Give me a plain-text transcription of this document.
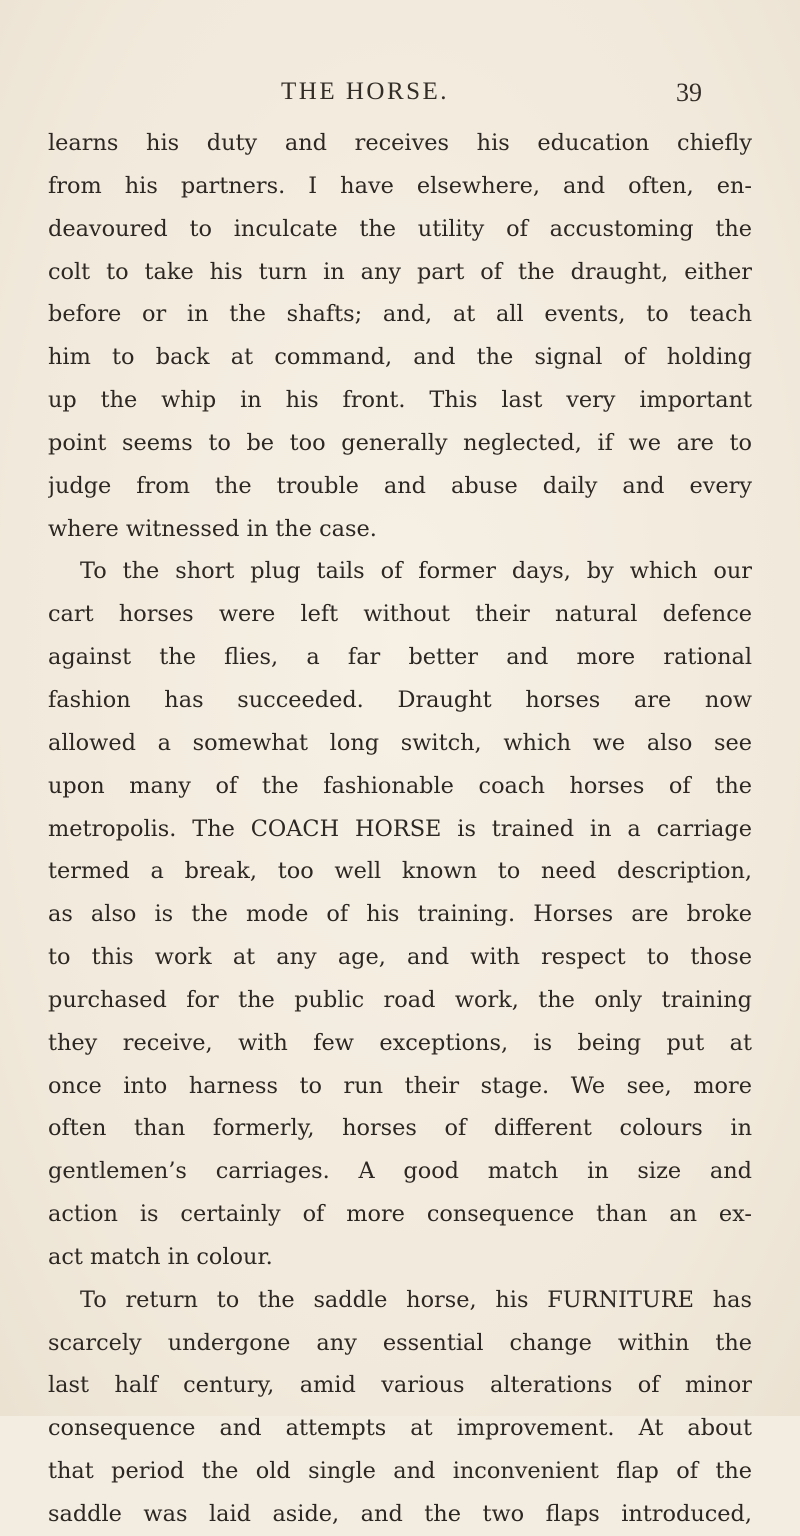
THE HORSE.	39
learns his duty and receives his education chiefly
from his partners. I have elsewhere, and often, en-
deavoured to inculcate the utility of accustoming the
colt to take his turn in any part of the draught, either
before or in the shafts; and, at all events, to teach
him to back at command, and the signal of holding
up the whip in his front. This last very important
point seems to be too generally neglected, if we are to
judge from the trouble and abuse daily and every
where witnessed in the case.
To the short plug tails of former days, by which our
cart horses were left without their natural defence
against the flies, a far better and more rational
fashion has succeeded. Draught horses are now
allowed a somewhat long switch, which we also see
upon many of the fashionable coach horses of the
metropolis. The COACH HORSE is trained in a carriage
termed a break, too well known to need description,
as also is the mode of his training. Horses are broke
to this work at any age, and with respect to those
purchased for the public road work, the only training
they receive, with few exceptions, is being put at
once into harness to run their stage. We see, more
often than formerly, horses of different colours in
gentlemen’s carriages. A good match in size and
action is certainly of more consequence than an ex-
act match in colour.
To return to the saddle horse, his FURNITURE has
scarcely undergone any essential change within the
last half century, amid various alterations of minor
consequence and attempts at improvement. At about
that period the old single and inconvenient flap of the
saddle was laid aside, and the two flaps introduced,
